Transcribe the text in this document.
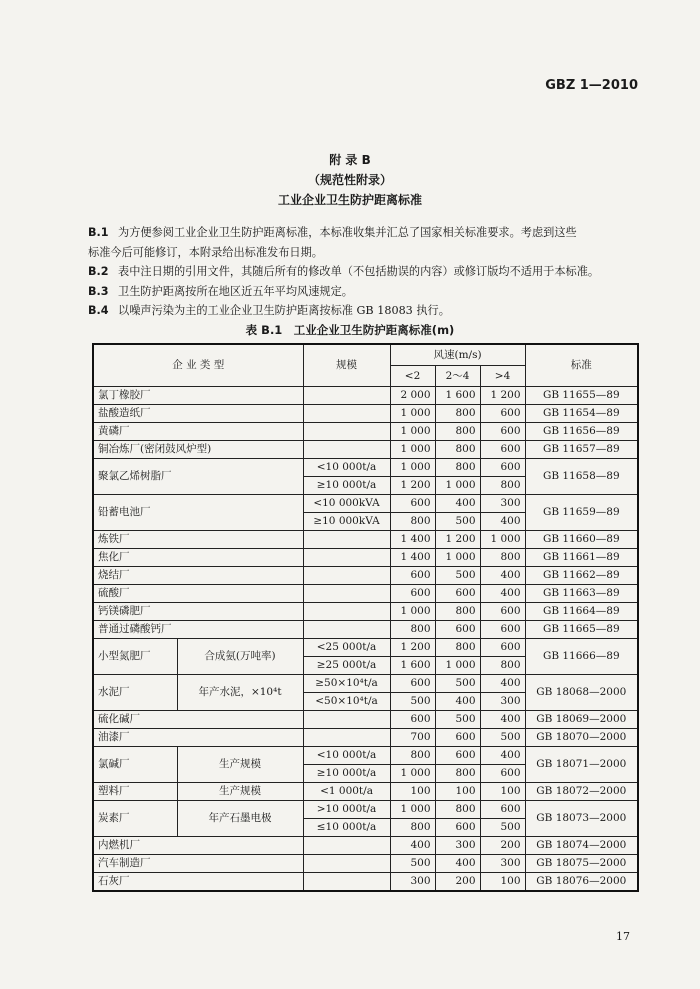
GBZ 1—2010
附 录 B
（规范性附录）
工业企业卫生防护距离标准
B.1 为方便参阅工业企业卫生防护距离标准，本标准收集并汇总了国家相关标准要求。考虑到这些
标准今后可能修订，本附录给出标准发布日期。
B.2 表中注日期的引用文件，其随后所有的修改单（不包括勘误的内容）或修订版均不适用于本标准。
B.3 卫生防护距离按所在地区近五年平均风速规定。
B.4 以噪声污染为主的工业企业卫生防护距离按标准 GB 18083 执行。
表 B.1　工业企业卫生防护距离标准(m)
企 业 类 型		规模	风速(m/s)			标准
			<2	2～4	>4	
氯丁橡胶厂			2 000	1 600	1 200	GB 11655—89
盐酸造纸厂			1 000	800	600	GB 11654—89
黄磷厂			1 000	800	600	GB 11656—89
铜冶炼厂(密闭鼓风炉型)			1 000	800	600	GB 11657—89
聚氯乙烯树脂厂		<10 000t/a	1 000	800	600	GB 11658—89
		≥10 000t/a	1 200	1 000	800	
铅蓄电池厂		<10 000kVA	600	400	300	GB 11659—89
		≥10 000kVA	800	500	400	
炼铁厂			1 400	1 200	1 000	GB 11660—89
焦化厂			1 400	1 000	800	GB 11661—89
烧结厂			600	500	400	GB 11662—89
硫酸厂			600	600	400	GB 11663—89
钙镁磷肥厂			1 000	800	600	GB 11664—89
普通过磷酸钙厂			800	600	600	GB 11665—89
小型氮肥厂	合成氨(万吨率)	<25 000t/a	1 200	800	600	GB 11666—89
		≥25 000t/a	1 600	1 000	800	
水泥厂	年产水泥，×10⁴t	≥50×10⁴t/a	600	500	400	GB 18068—2000
		<50×10⁴t/a	500	400	300	
硫化碱厂			600	500	400	GB 18069—2000
油漆厂			700	600	500	GB 18070—2000
氯碱厂	生产规模	<10 000t/a	800	600	400	GB 18071—2000
		≥10 000t/a	1 000	800	600	
塑料厂	生产规模	<1 000t/a	100	100	100	GB 18072—2000
炭素厂	年产石墨电极	>10 000t/a	1 000	800	600	GB 18073—2000
		≤10 000t/a	800	600	500	
内燃机厂			400	300	200	GB 18074—2000
汽车制造厂			500	400	300	GB 18075—2000
石灰厂			300	200	100	GB 18076—2000
17
